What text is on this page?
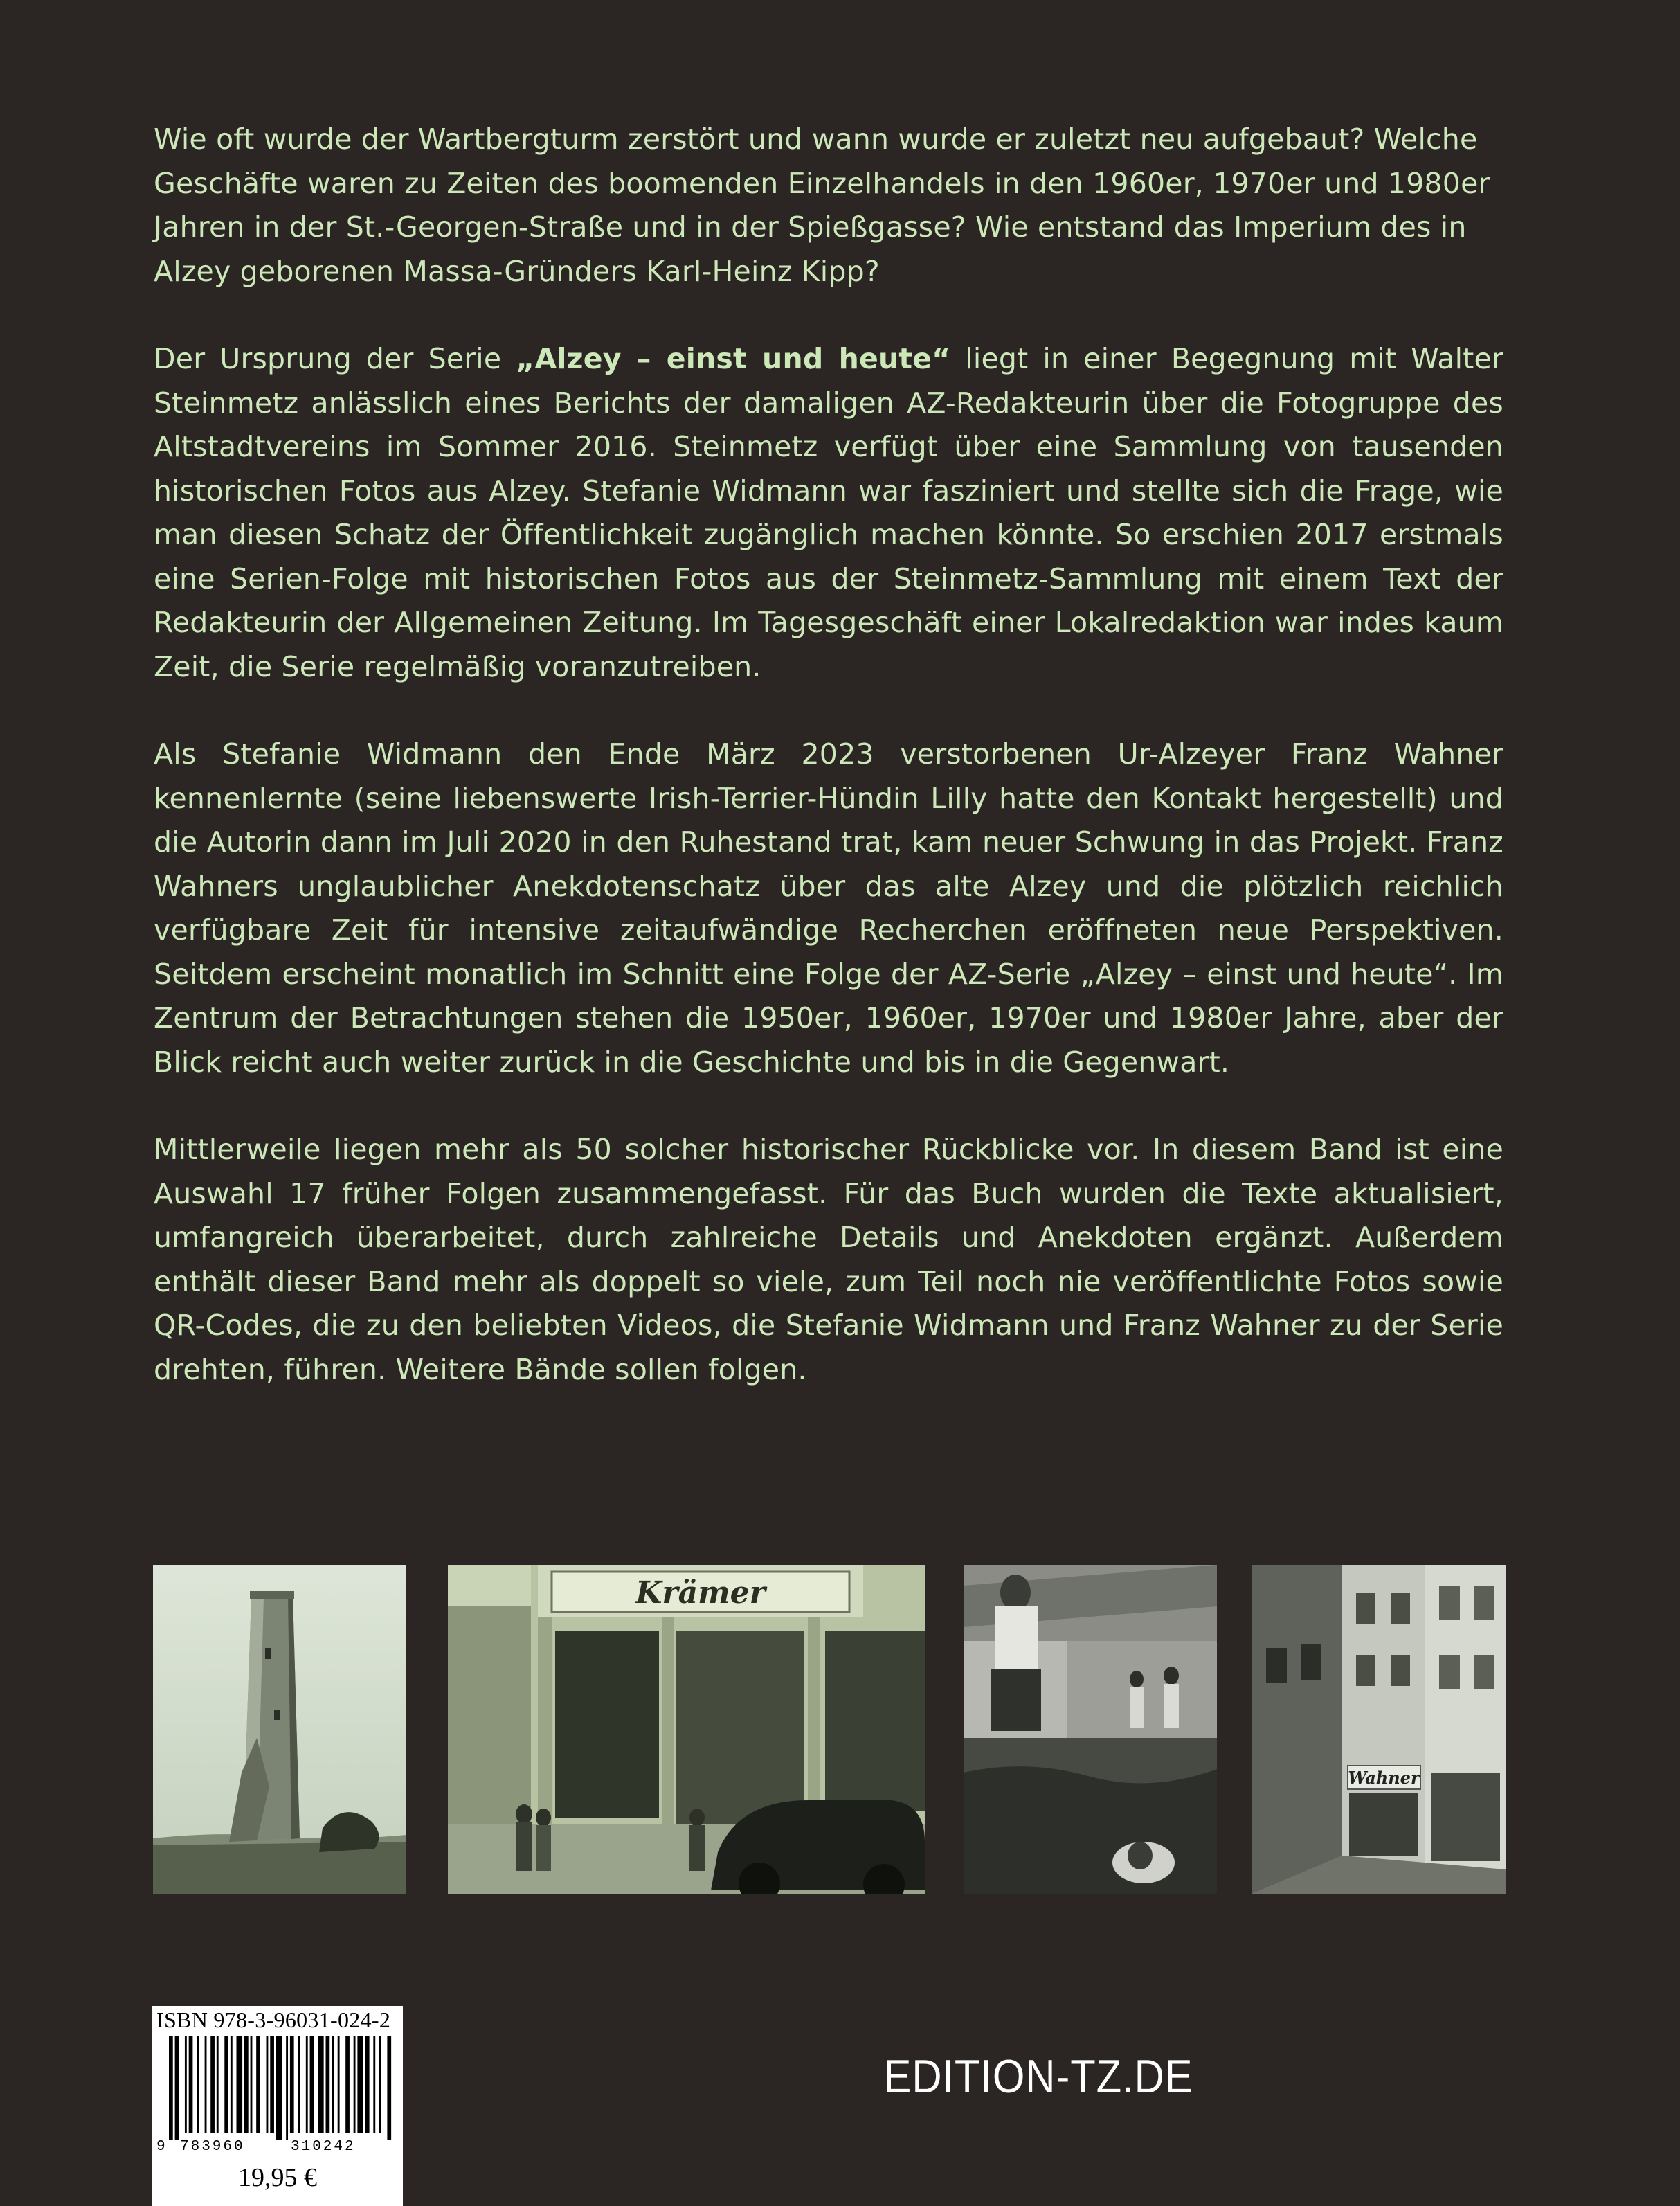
Wie oft wurde der Wartbergturm zerstört und wann wurde er zuletzt neu aufgebaut? Welche Geschäfte waren zu Zeiten des boomenden Einzelhandels in den 1960er, 1970er und 1980er Jahren in der St.-Georgen-Straße und in der Spießgasse? Wie entstand das Imperium des in Alzey geborenen Massa-Gründers Karl-Heinz Kipp?

Der Ursprung der Serie „Alzey – einst und heute“ liegt in einer Begegnung mit Walter Steinmetz anlässlich eines Berichts der damaligen AZ-Redakteurin über die Fotogruppe des Altstadtvereins im Sommer 2016. Steinmetz verfügt über eine Sammlung von tausenden historischen Fotos aus Alzey. Stefanie Widmann war fasziniert und stellte sich die Frage, wie man diesen Schatz der Öffentlichkeit zugänglich machen könnte. So erschien 2017 erstmals eine Serien-Folge mit historischen Fotos aus der Steinmetz-Sammlung mit einem Text der Redakteurin der Allgemeinen Zeitung. Im Tagesgeschäft einer Lokalredaktion war indes kaum Zeit, die Serie regelmäßig voranzutreiben.

Als Stefanie Widmann den Ende März 2023 verstorbenen Ur-Alzeyer Franz Wahner kennenlernte (seine liebenswerte Irish-Terrier-Hündin Lilly hatte den Kontakt hergestellt) und die Autorin dann im Juli 2020 in den Ruhestand trat, kam neuer Schwung in das Projekt. Franz Wahners unglaublicher Anekdotenschatz über das alte Alzey und die plötzlich reichlich verfügbare Zeit für intensive zeitaufwändige Recherchen eröffneten neue Perspektiven. Seitdem erscheint monatlich im Schnitt eine Folge der AZ-Serie „Alzey – einst und heute“. Im Zentrum der Betrachtungen stehen die 1950er, 1960er, 1970er und 1980er Jahre, aber der Blick reicht auch weiter zurück in die Geschichte und bis in die Gegenwart.

Mittlerweile liegen mehr als 50 solcher historischer Rückblicke vor. In diesem Band ist eine Auswahl 17 früher Folgen zusammengefasst. Für das Buch wurden die Texte aktualisiert, umfangreich überarbeitet, durch zahlreiche Details und Anekdoten ergänzt. Außerdem enthält dieser Band mehr als doppelt so viele, zum Teil noch nie veröffentlichte Fotos sowie QR-Codes, die zu den beliebten Videos, die Stefanie Widmann und Franz Wahner zu der Serie drehten, führen. Weitere Bände sollen folgen.

Krämer
Wahner
ISBN 978-3-96031-024-2
9 783960	310242
19,95 €
EDITION-TZ.DE
